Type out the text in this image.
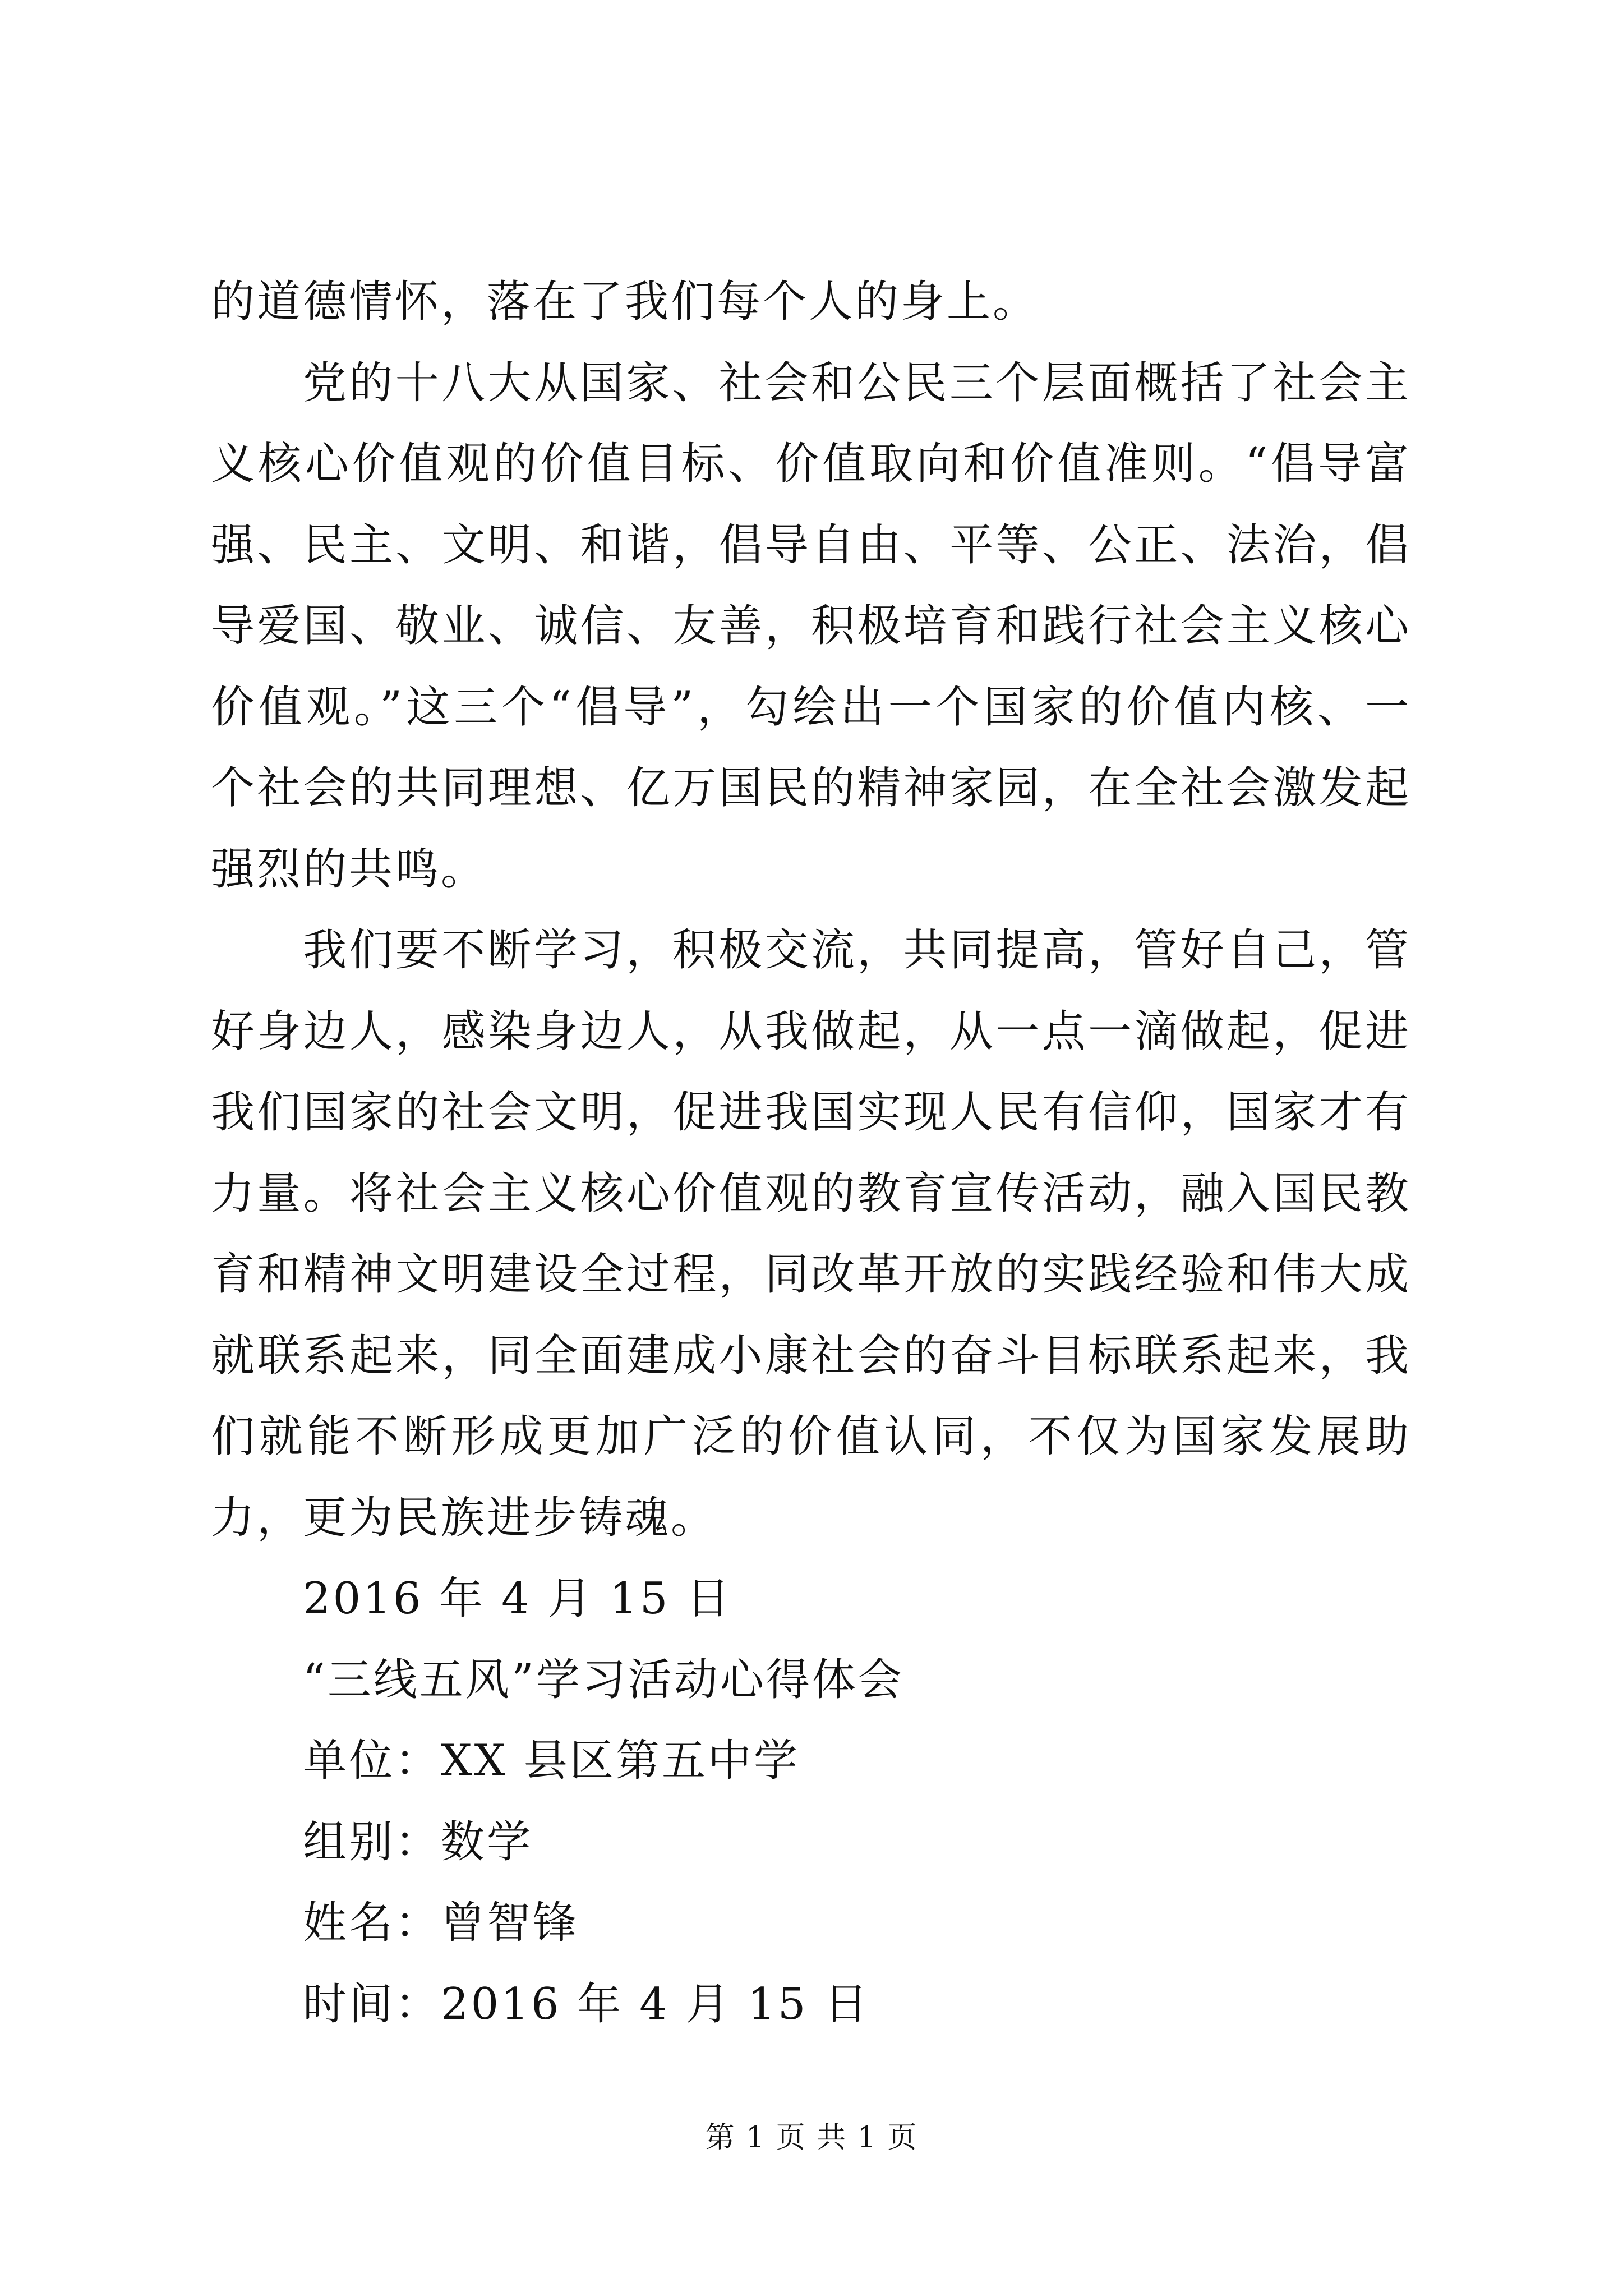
的道德情怀，落在了我们每个人的身上。

党的十八大从国家、社会和公民三个层面概括了社会主义核心价值观的价值目标、价值取向和价值准则。“倡导富强、民主、文明、和谐，倡导自由、平等、公正、法治，倡导爱国、敬业、诚信、友善，积极培育和践行社会主义核心价值观。”这三个“倡导”，勾绘出一个国家的价值内核、一个社会的共同理想、亿万国民的精神家园，在全社会激发起强烈的共鸣。

我们要不断学习，积极交流，共同提高，管好自己，管好身边人，感染身边人，从我做起，从一点一滴做起，促进我们国家的社会文明，促进我国实现人民有信仰，国家才有力量。将社会主义核心价值观的教育宣传活动，融入国民教育和精神文明建设全过程，同改革开放的实践经验和伟大成就联系起来，同全面建成小康社会的奋斗目标联系起来，我们就能不断形成更加广泛的价值认同，不仅为国家发展助力，更为民族进步铸魂。

2016 年 4 月 15 日

“三线五风”学习活动心得体会

单位：XX 县区第五中学

组别：数学

姓名：曾智锋

时间：2016 年 4 月 15 日

第 1 页 共 1 页
